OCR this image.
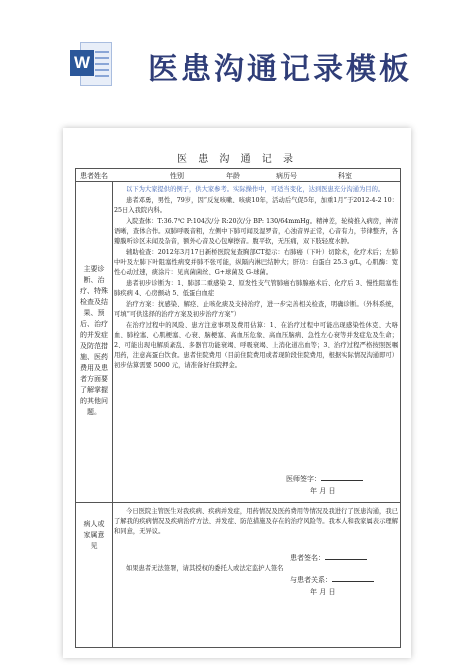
W 医患沟通记录模板
医 患 沟 通 记 录
患者姓名	性别	年龄	病历号	科室
主要诊断、治疗、特殊检查及结果、预后、治疗的并发症及防范措施、医药费用及患者方面要了解掌握的其他问题。

以下为大家提供的例子，供大家参考。实际操作中，可适当变化，达到医患充分沟通为目的。

患者邓勇，男性，79岁，因“反复咳嗽、咳痰10年，活动后气促5年，加重1月”于2012-4-2 10：25日入我院内科。

入院查体：T:36.7℃ P:104次/分 R:20次/分 BP: 130/64mmHg。精神差，轮椅推入病房，神清语晰，查体合作。双肺呼吸音粗，左侧中下肺可闻及湿罗音，心浊音界正常，心音有力，节律整齐，各瓣膜听诊区未闻及杂音，额外心音及心包摩擦音。腹平软，无压痛，双下肢轻度水肿。

辅助检查：2012年3月17日新桥医院复查胸部CT提示：右肺癌（下叶）切除术，化疗术后；左肺中叶及左肺下叶阻塞性病变并肺不张可能，纵隔内淋巴结肿大；肝功：白蛋白 25.3 g/L，心肌酶：宽性心动过速，痰涂片：见真菌菌丝、G+球菌及 G-球菌。

患者初步诊断为：1、肺部二重感染 2、原发性支气管肺癌右肺腺癌术后、化疗后 3、慢性阻塞性肺疾病 4、心房颤动 5、低蛋白血症

治疗方案：抗感染、解痉、止咳化痰及支持治疗，进一步完善相关检查，明确诊断。（外科系统，可填“可供选择的治疗方案及初步治疗方案”）

在治疗过程中的风险、患方注意事项及费用估算：1、在治疗过程中可能出现感染性休克、大咯血、肺栓塞、心肌梗塞、心衰、脑梗塞、高血压危象、高血压脑病、急性左心衰等并发症危及生命；2、可能出现电解质紊乱、多器官功能衰竭、呼吸衰竭、上消化道出血等；3、治疗过程严格按照医嘱用药，注意高蛋白饮食。患者住院费用（目前住院费用或者现阶段住院费用，根据实际情况沟通即可）初步估算需要 5000 元，请准备好住院押金。

医师签字：
年 月 日
病人或家属意见

今日医院主管医生对我疾病、疾病并发症，用药情况及医药费用等情况及我进行了医患沟通，我已了解我的疾病情况及疾病治疗方法、并发症、防范措施及存在的治疗风险等。我本人和我家属表示理解和同意，无异议。

患者签名：

如果患者无法签署，请其授权的委托人或法定监护人签名

与患者关系：
年 月 日
